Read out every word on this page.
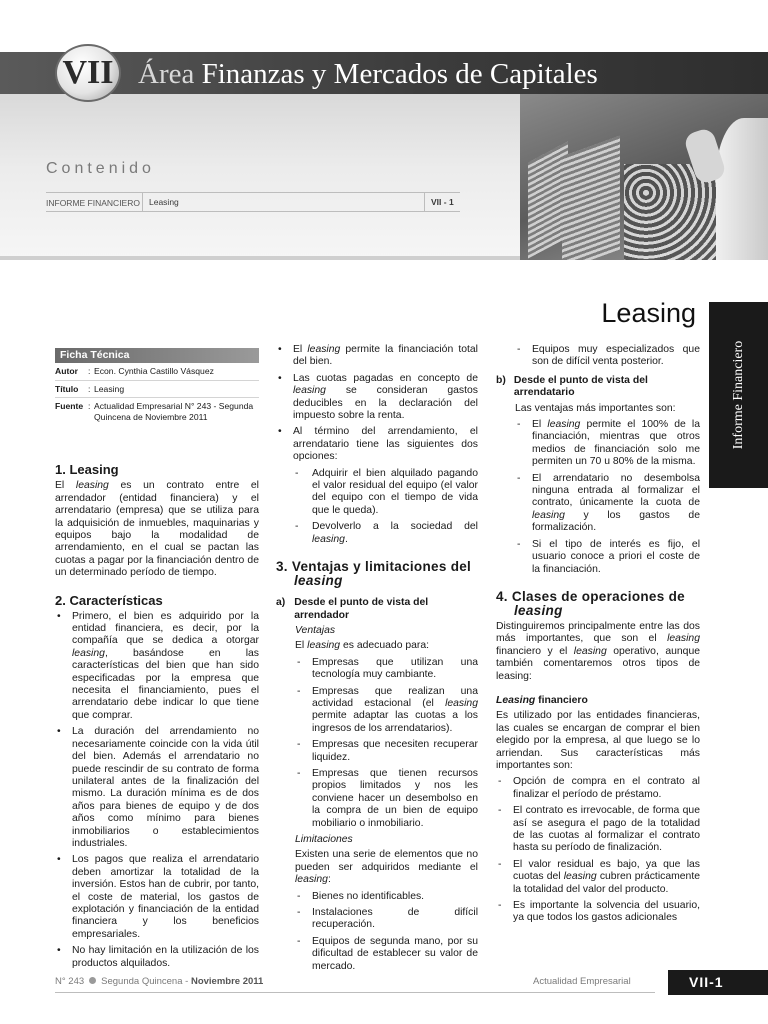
VII Área Finanzas y Mercados de Capitales
Contenido
INFORME FINANCIERO	Leasing	VII - 1
Informe Financiero
Leasing
Ficha Técnica
Autor	: Econ. Cynthia Castillo Vásquez
Título	: Leasing
Fuente : Actualidad Empresarial N° 243 - Segunda Quincena de Noviembre 2011
1. Leasing

El leasing es un contrato entre el arrendador (entidad financiera) y el arrendatario (empresa) que se utiliza para la adquisición de inmuebles, maquinarias y equipos bajo la modalidad de arrendamiento, en el cual se pactan las cuotas a pagar por la financiación dentro de un determinado período de tiempo.

2. Características
• Primero, el bien es adquirido por la entidad financiera, es decir, por la compañía que se dedica a otorgar leasing, basándose en las características del bien que han sido especificadas por la empresa que necesita el financiamiento, pues el arrendatario debe indicar lo que tiene que comprar.
• La duración del arrendamiento no necesariamente coincide con la vida útil del bien. Además el arrendatario no puede rescindir de su contrato de forma unilateral antes de la finalización del mismo. La duración mínima es de dos años para bienes de equipo y de dos años como mínimo para bienes inmobiliarios o establecimientos industriales.
• Los pagos que realiza el arrendatario deben amortizar la totalidad de la inversión. Estos han de cubrir, por tanto, el coste de material, los gastos de explotación y financiación de la entidad financiera y los beneficios empresariales.
• No hay limitación en la utilización de los productos alquilados.
• El leasing permite la financiación total del bien.
• Las cuotas pagadas en concepto de leasing se consideran gastos deducibles en la declaración del impuesto sobre la renta.
• Al término del arrendamiento, el arrendatario tiene las siguientes dos opciones:
- Adquirir el bien alquilado pagando el valor residual del equipo (el valor del equipo con el tiempo de vida que le queda).
- Devolverlo a la sociedad del leasing.
3. Ventajas y limitaciones del
leasing
a) Desde el punto de vista del arrendador

Ventajas

El leasing es adecuado para:

- Empresas que utilizan una tecnología muy cambiante.
- Empresas que realizan una actividad estacional (el leasing permite adaptar las cuotas a los ingresos de los arrendatarios).
- Empresas que necesiten recuperar liquidez.
- Empresas que tienen recursos propios limitados y nos les conviene hacer un desembolso en la compra de un bien de equipo mobiliario o inmobiliario.

Limitaciones

Existen una serie de elementos que no pueden ser adquiridos mediante el leasing:

- Bienes no identificables.
- Instalaciones de difícil recuperación.
- Equipos de segunda mano, por su dificultad de establecer su valor de mercado.
- Equipos muy especializados que son de difícil venta posterior.
b) Desde el punto de vista del arrendatario

Las ventajas más importantes son:

- El leasing permite el 100% de la financiación, mientras que otros medios de financiación solo me permiten un 70 u 80% de la misma.
- El arrendatario no desembolsa ninguna entrada al formalizar el contrato, únicamente la cuota de leasing y los gastos de formalización.
- Si el tipo de interés es fijo, el usuario conoce a priori el coste de la financiación.
4. Clases de operaciones de
leasing

Distinguiremos principalmente entre las dos más importantes, que son el leasing financiero y el leasing operativo, aunque también comentaremos otros tipos de leasing:

Leasing financiero

Es utilizado por las entidades financieras, las cuales se encargan de comprar el bien elegido por la empresa, al que luego se lo arriendan. Sus características más importantes son:

- Opción de compra en el contrato al finalizar el período de préstamo.
- El contrato es irrevocable, de forma que así se asegura el pago de la totalidad de las cuotas al formalizar el contrato hasta su período de finalización.
- El valor residual es bajo, ya que las cuotas del leasing cubren prácticamente la totalidad del valor del producto.
- Es importante la solvencia del usuario, ya que todos los gastos adicionales
N° 243 Segunda Quincena - Noviembre 2011	Actualidad Empresarial	VII-1
